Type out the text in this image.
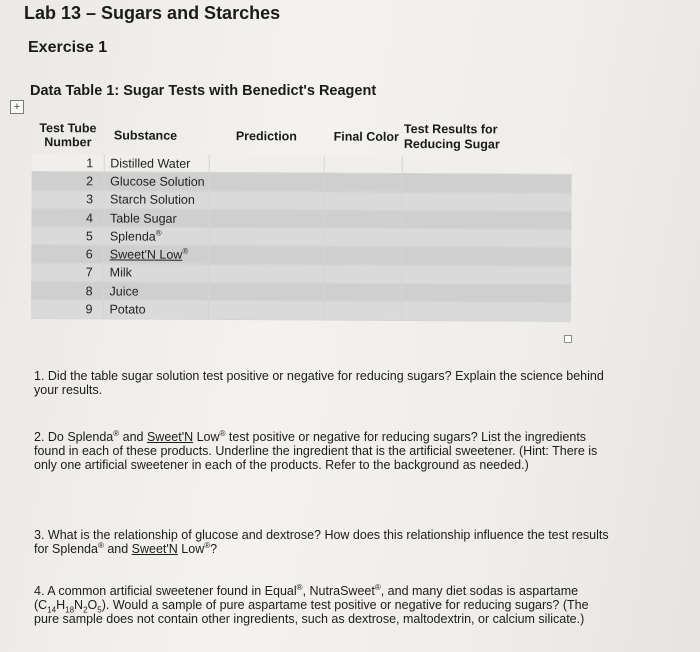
Lab 13 – Sugars and Starches
Exercise 1
Data Table 1: Sugar Tests with Benedict's Reagent
+
Test Tube
Number	Substance	Prediction	Final Color	Test Results for
Reducing Sugar
1	Distilled Water			
2	Glucose Solution			
3	Starch Solution			
4	Table Sugar			
5	Splenda®			
6	Sweet'N Low®			
7	Milk			
8	Juice			
9	Potato			
1. Did the table sugar solution test positive or negative for reducing sugars? Explain the science behind your results.
2. Do Splenda® and Sweet'N Low® test positive or negative for reducing sugars? List the ingredients found in each of these products. Underline the ingredient that is the artificial sweetener. (Hint: There is only one artificial sweetener in each of the products. Refer to the background as needed.)
3. What is the relationship of glucose and dextrose? How does this relationship influence the test results for Splenda® and Sweet'N Low®?
4. A common artificial sweetener found in Equal®, NutraSweet®, and many diet sodas is aspartame $(C_{14}H_{18}N_2O_5)$. Would a sample of pure aspartame test positive or negative for reducing sugars? (The pure sample does not contain other ingredients, such as dextrose, maltodextrin, or calcium silicate.)
